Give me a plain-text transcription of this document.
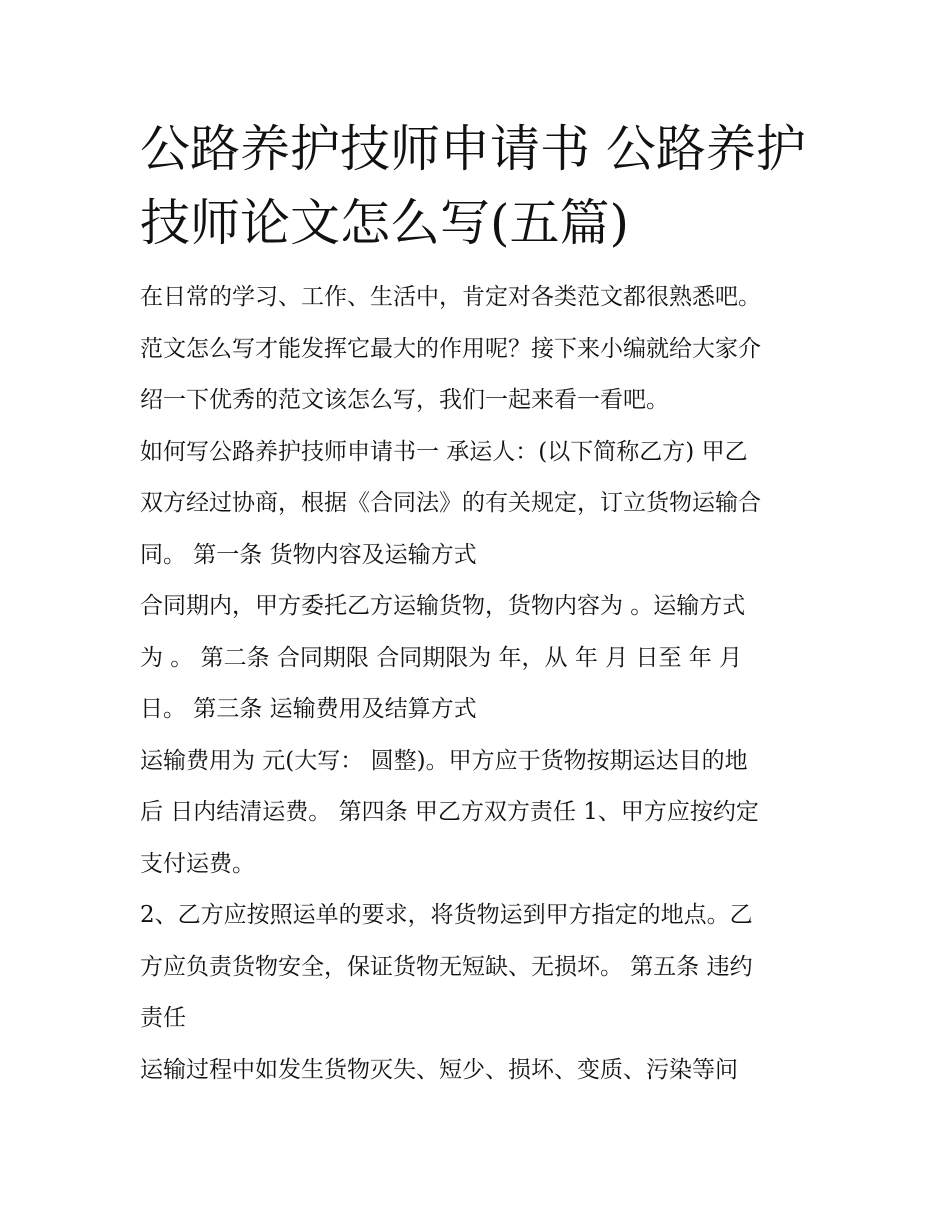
公路养护技师申请书 公路养护
技师论文怎么写(五篇)
在日常的学习、工作、生活中，肯定对各类范文都很熟悉吧。
范文怎么写才能发挥它最大的作用呢？接下来小编就给大家介
绍一下优秀的范文该怎么写，我们一起来看一看吧。
如何写公路养护技师申请书一 承运人：(以下简称乙方) 甲乙
双方经过协商，根据《合同法》的有关规定，订立货物运输合
同。 第一条 货物内容及运输方式
合同期内，甲方委托乙方运输货物，货物内容为 。运输方式
为 。 第二条 合同期限 合同期限为 年，从 年 月 日至 年 月
日。 第三条 运输费用及结算方式
运输费用为 元(大写： 圆整)。甲方应于货物按期运达目的地
后 日内结清运费。 第四条 甲乙方双方责任 1、甲方应按约定
支付运费。
2、乙方应按照运单的要求，将货物运到甲方指定的地点。乙
方应负责货物安全，保证货物无短缺、无损坏。 第五条 违约
责任
运输过程中如发生货物灭失、短少、损坏、变质、污染等问
